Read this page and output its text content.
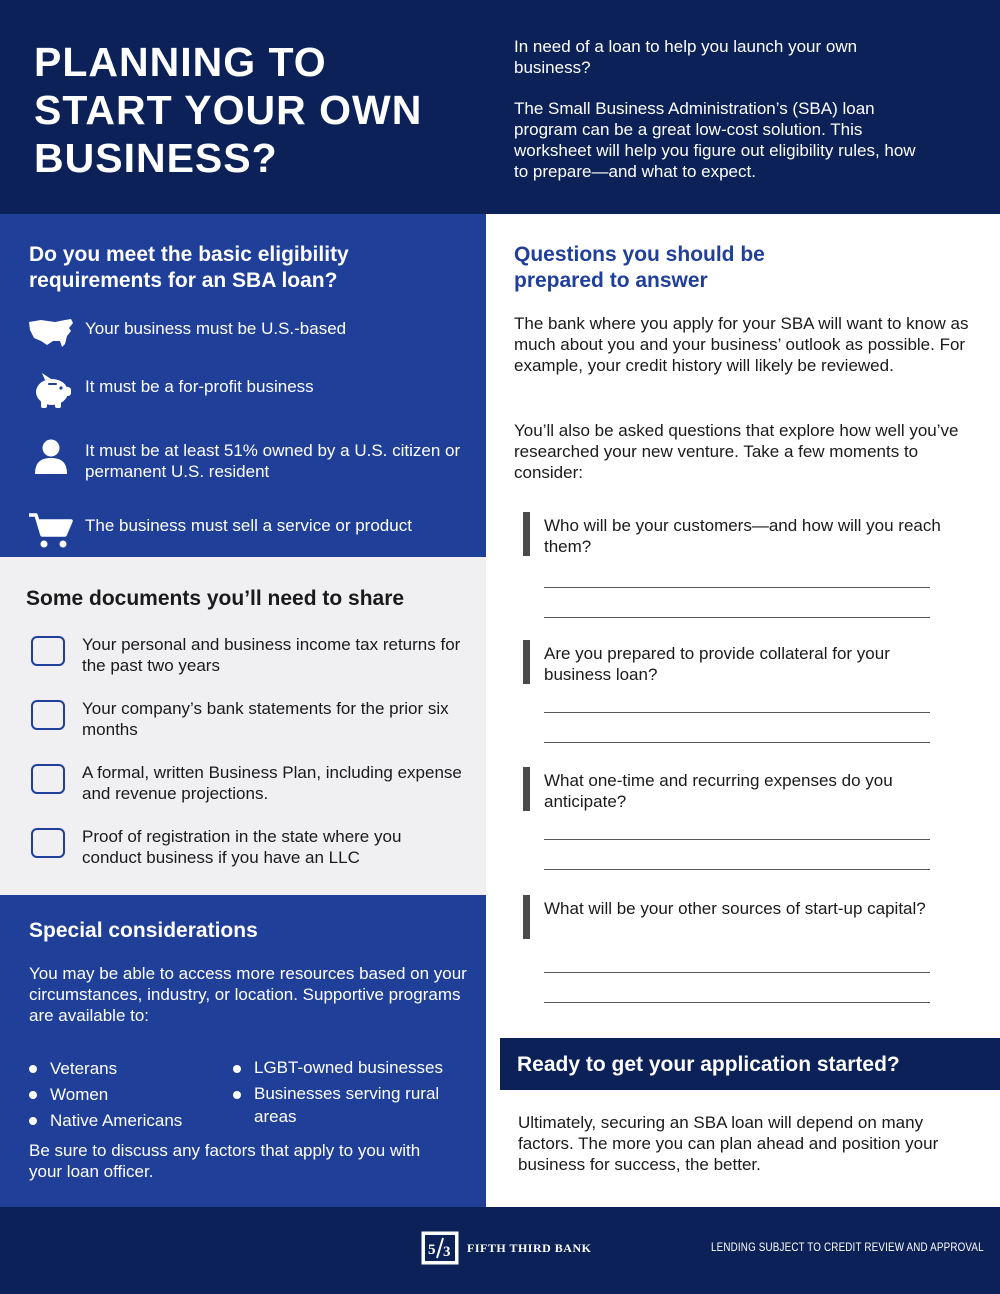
PLANNING TO START YOUR OWN BUSINESS?

In need of a loan to help you launch your own business?

The Small Business Administration’s (SBA) loan program can be a great low-cost solution. This worksheet will help you figure out eligibility rules, how to prepare—and what to expect.

Do you meet the basic eligibility requirements for an SBA loan?
Your business must be U.S.-based
It must be a for-profit business
It must be at least 51% owned by a U.S. citizen or permanent U.S. resident
The business must sell a service or product
Some documents you’ll need to share
Your personal and business income tax returns for the past two years
Your company’s bank statements for the prior six months
A formal, written Business Plan, including expense and revenue projections.
Proof of registration in the state where you conduct business if you have an LLC
Special considerations
You may be able to access more resources based on your circumstances, industry, or location. Supportive programs are available to:
Veterans
Women
Native Americans
LGBT-owned businesses
Businesses serving rural areas
Be sure to discuss any factors that apply to you with your loan officer.
Questions you should be prepared to answer
The bank where you apply for your SBA will want to know as much about you and your business’ outlook as possible. For example, your credit history will likely be reviewed.
You’ll also be asked questions that explore how well you’ve researched your new venture. Take a few moments to consider:
Who will be your customers—and how will you reach them?
Are you prepared to provide collateral for your business loan?
What one-time and recurring expenses do you anticipate?
What will be your other sources of start-up capital?
Ready to get your application started?
Ultimately, securing an SBA loan will depend on many factors. The more you can plan ahead and position your business for success, the better.
5 3 FIFTH THIRD BANK	LENDING SUBJECT TO CREDIT REVIEW AND APPROVAL
